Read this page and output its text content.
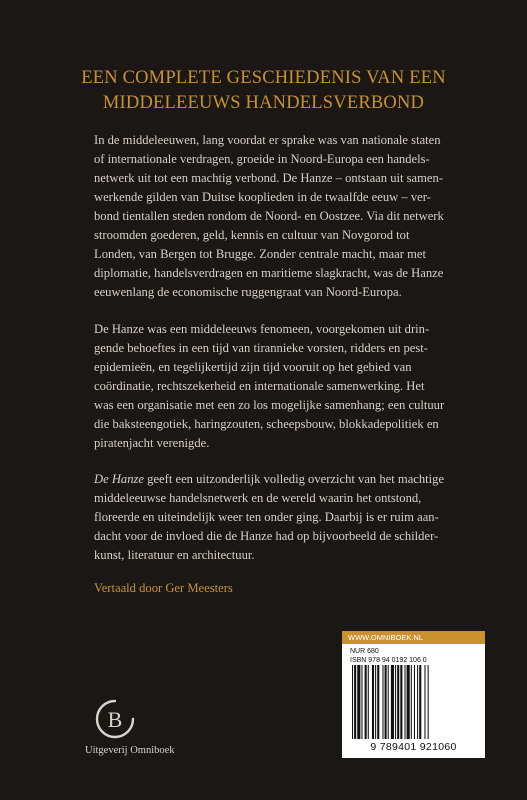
EEN COMPLETE GESCHIEDENIS VAN EEN
MIDDELEEUWS HANDELSVERBOND
In de middeleeuwen, lang voordat er sprake was van nationale staten
of internationale verdragen, groeide in Noord-Europa een handels-
netwerk uit tot een machtig verbond. De Hanze – ontstaan uit samen-
werkende gilden van Duitse kooplieden in de twaalfde eeuw – ver-
bond tientallen steden rondom de Noord- en Oostzee. Via dit netwerk
stroomden goederen, geld, kennis en cultuur van Novgorod tot
Londen, van Bergen tot Brugge. Zonder centrale macht, maar met
diplomatie, handelsverdragen en maritieme slagkracht, was de Hanze
eeuwenlang de economische ruggengraat van Noord-Europa.
De Hanze was een middeleeuws fenomeen, voorgekomen uit drin-
gende behoeftes in een tijd van tirannieke vorsten, ridders en pest-
epidemieën, en tegelijkertijd zijn tijd vooruit op het gebied van
coördinatie, rechtszekerheid en internationale samenwerking. Het
was een organisatie met een zo los mogelijke samenhang; een cultuur
die baksteengotiek, haringzouten, scheepsbouw, blokkadepolitiek en
piratenjacht verenigde.
De Hanze geeft een uitzonderlijk volledig overzicht van het machtige
middeleeuwse handelsnetwerk en de wereld waarin het ontstond,
floreerde en uiteindelijk weer ten onder ging. Daarbij is er ruim aan-
dacht voor de invloed die de Hanze had op bijvoorbeeld de schilder-
kunst, literatuur en architectuur.
Vertaald door Ger Meesters
WWW.OMNIBOEK.NL
NUR 680
ISBN 978 94 0192 106 0
9 789401 921060
B
Uitgeverij Omniboek
